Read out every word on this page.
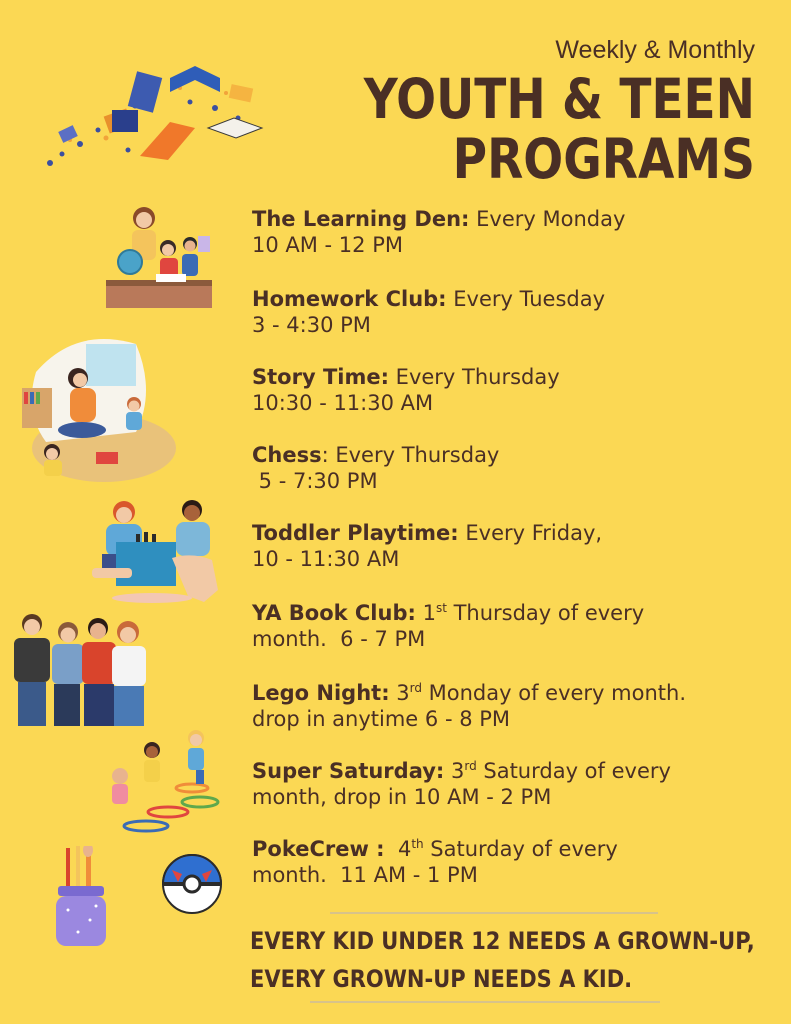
Weekly & Monthly
YOUTH & TEEN
PROGRAMS
The Learning Den: Every Monday
10 AM - 12 PM
Homework Club: Every Tuesday
3 - 4:30 PM
Story Time: Every Thursday
10:30 - 11:30 AM
Chess: Every Thursday
5 - 7:30 PM
Toddler Playtime: Every Friday,
10 - 11:30 AM
YA Book Club: 1st Thursday of every
month.  6 - 7 PM
Lego Night: 3rd Monday of every month.
drop in anytime 6 - 8 PM
Super Saturday: 3rd Saturday of every
month, drop in 10 AM - 2 PM
PokeCrew :  4th Saturday of every
month.  11 AM - 1 PM
EVERY KID UNDER 12 NEEDS A GROWN-UP,
EVERY GROWN-UP NEEDS A KID.
